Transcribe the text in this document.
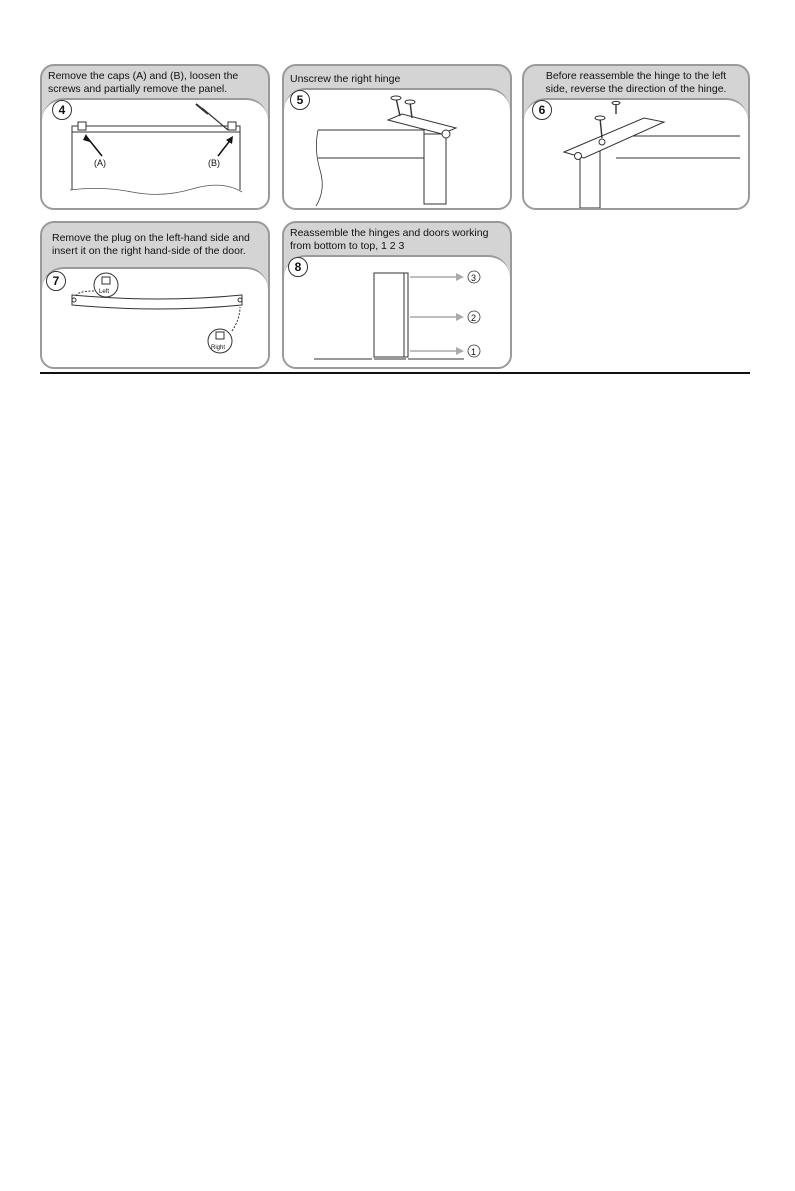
Remove the caps (A) and (B), loosen the screws and partially remove the panel.
(A)	(B)
4
Unscrew the right hinge
5
Before reassemble the hinge to the left side, reverse the direction of the hinge.
6
Remove the plug on the left-hand side and insert it on the right hand-side of the door.
Left
Right
7
Reassemble the hinges and doors working from bottom to top, 1 2 3
3
2
1
8
